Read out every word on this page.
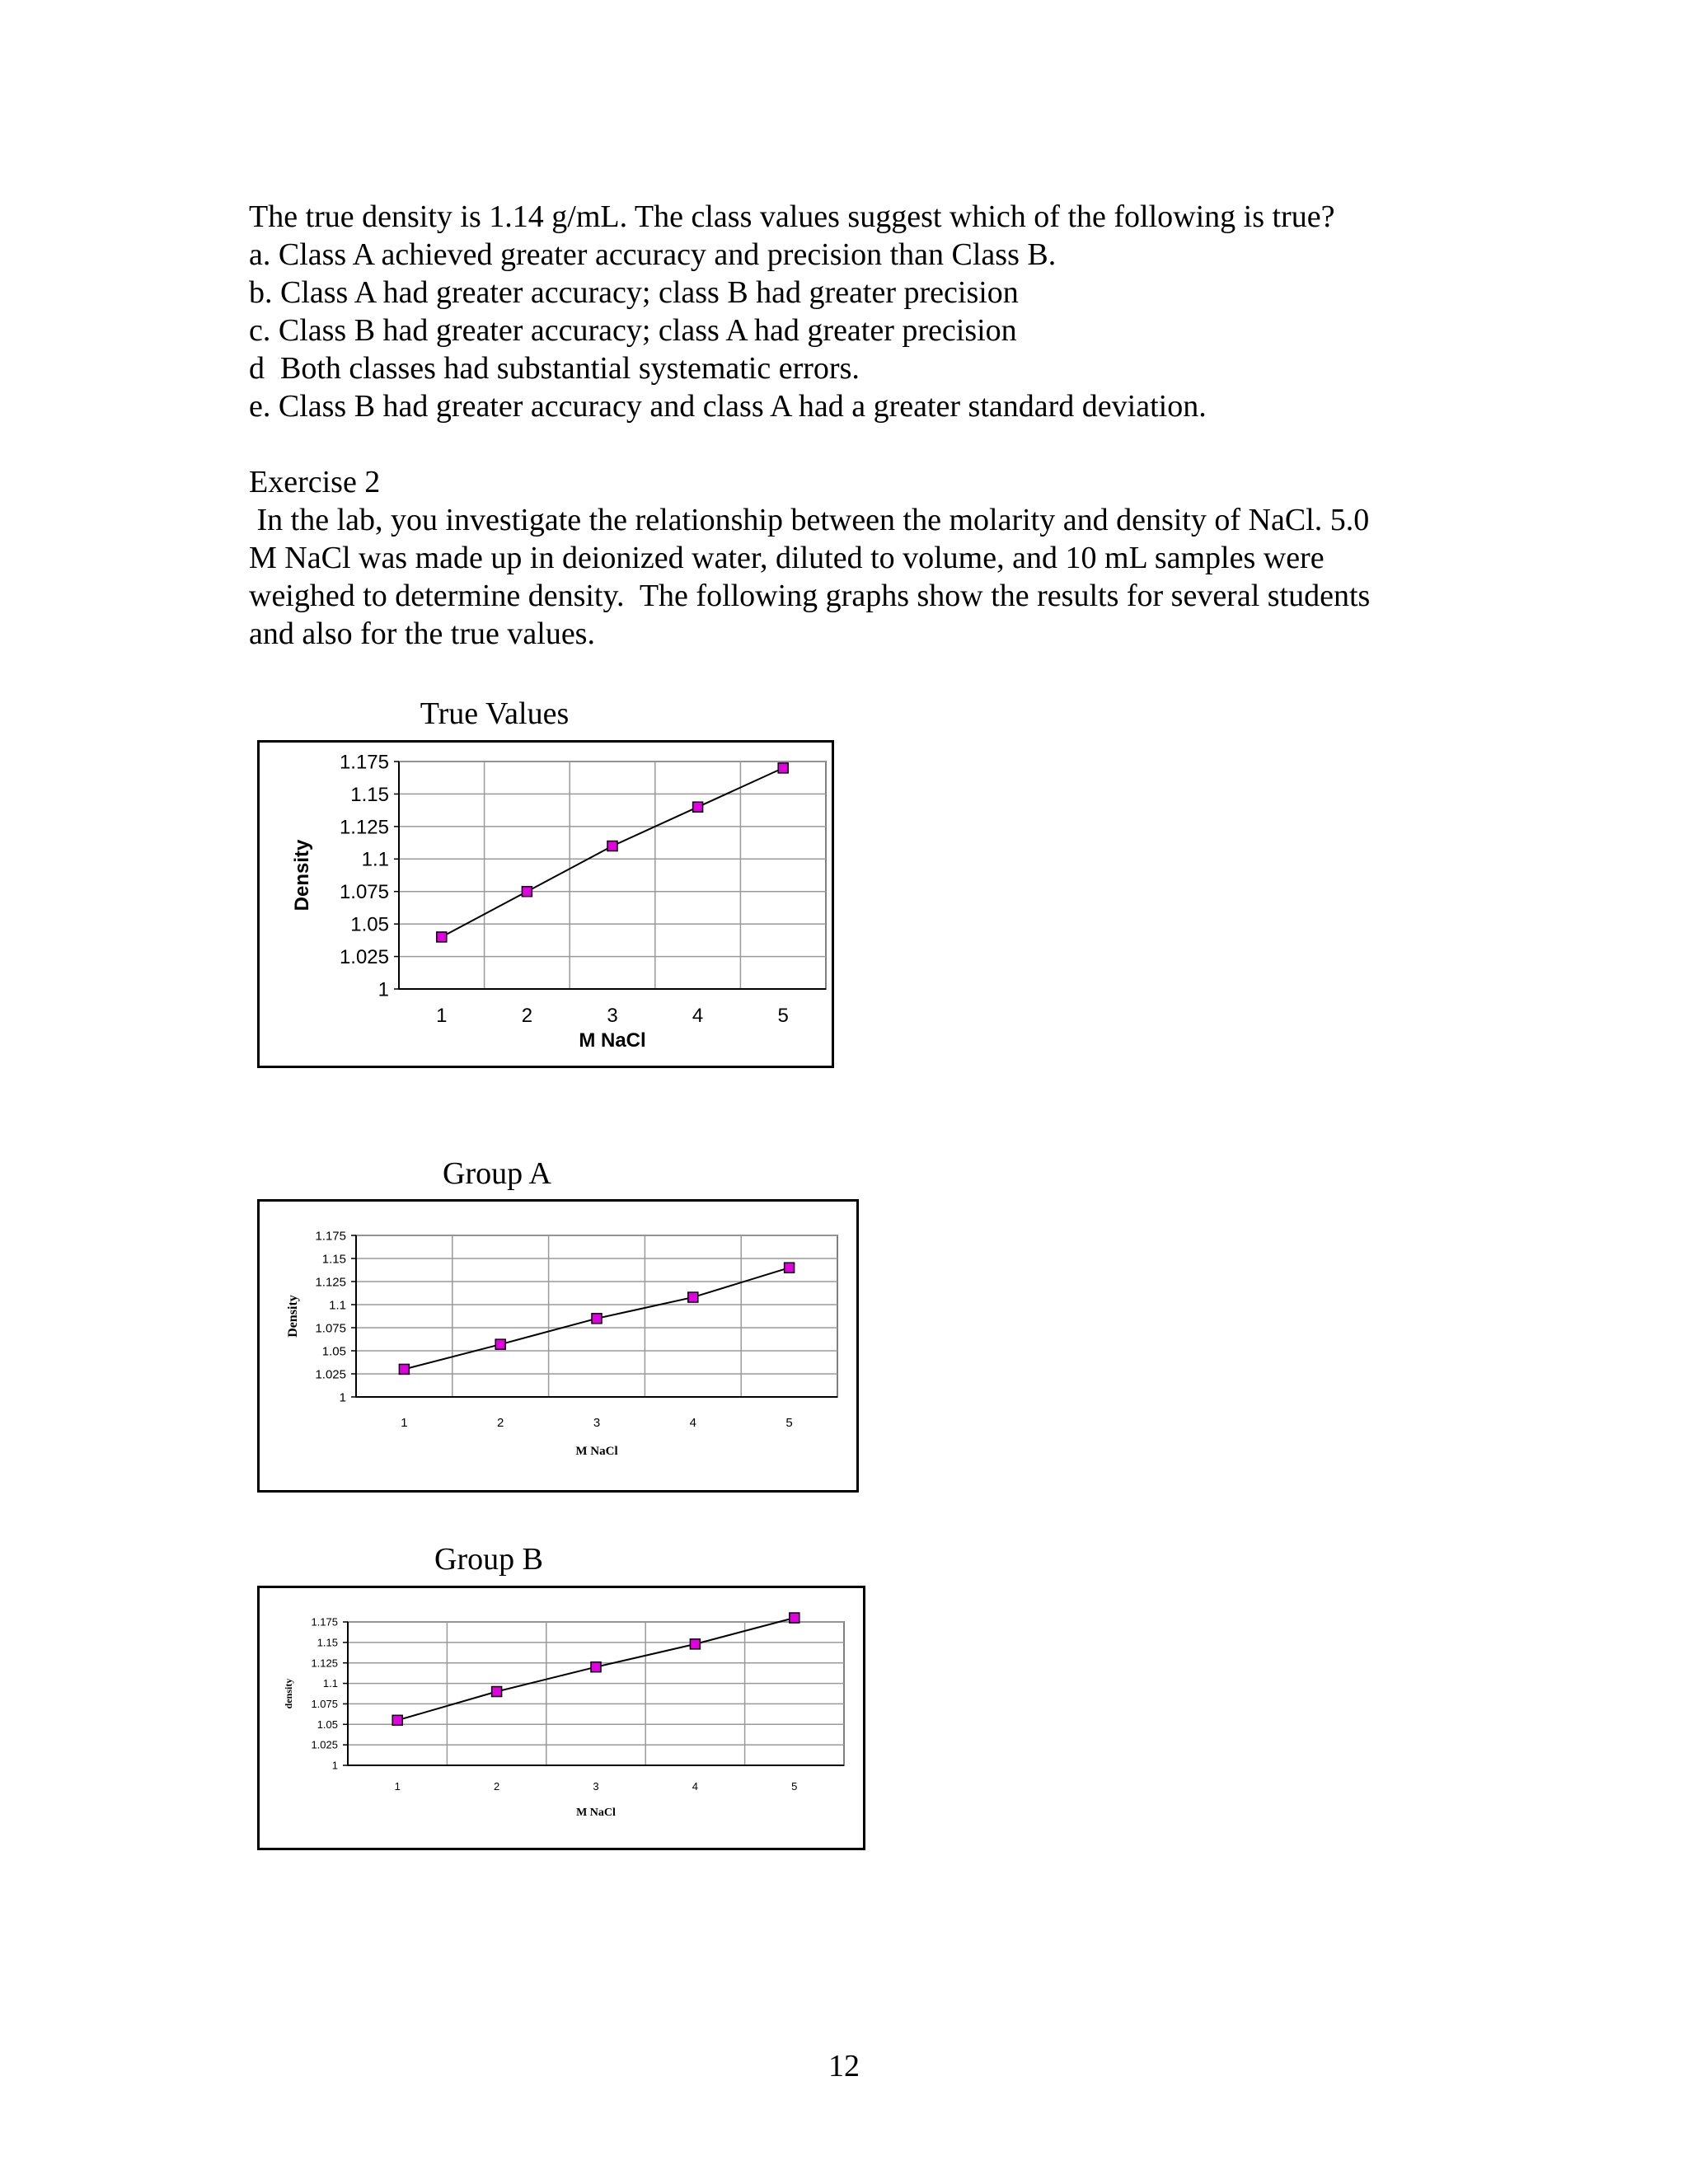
The true density is 1.14 g/mL. The class values suggest which of the following is true?
a. Class A achieved greater accuracy and precision than Class B.
b. Class A had greater accuracy; class B had greater precision
c. Class B had greater accuracy; class A had greater precision
d  Both classes had substantial systematic errors.
e. Class B had greater accuracy and class A had a greater standard deviation.
Exercise 2
In the lab, you investigate the relationship between the molarity and density of NaCl. 5.0
M NaCl was made up in deionized water, diluted to volume, and 10 mL samples were
weighed to determine density.  The following graphs show the results for several students
and also for the true values.
True Values
1
1.025
1.05
1.075
1.1
1.125
1.15
1.175
1	2	3	4	5
M NaCl
Density
Group A
1
1.025
1.05
1.075
1.1
1.125
1.15
1.175
1	2	3	4	5
M NaCl
Density
Group B
1
1.025
1.05
1.075
1.1
1.125
1.15
1.175
1	2	3	4	5
M NaCl
density
12
